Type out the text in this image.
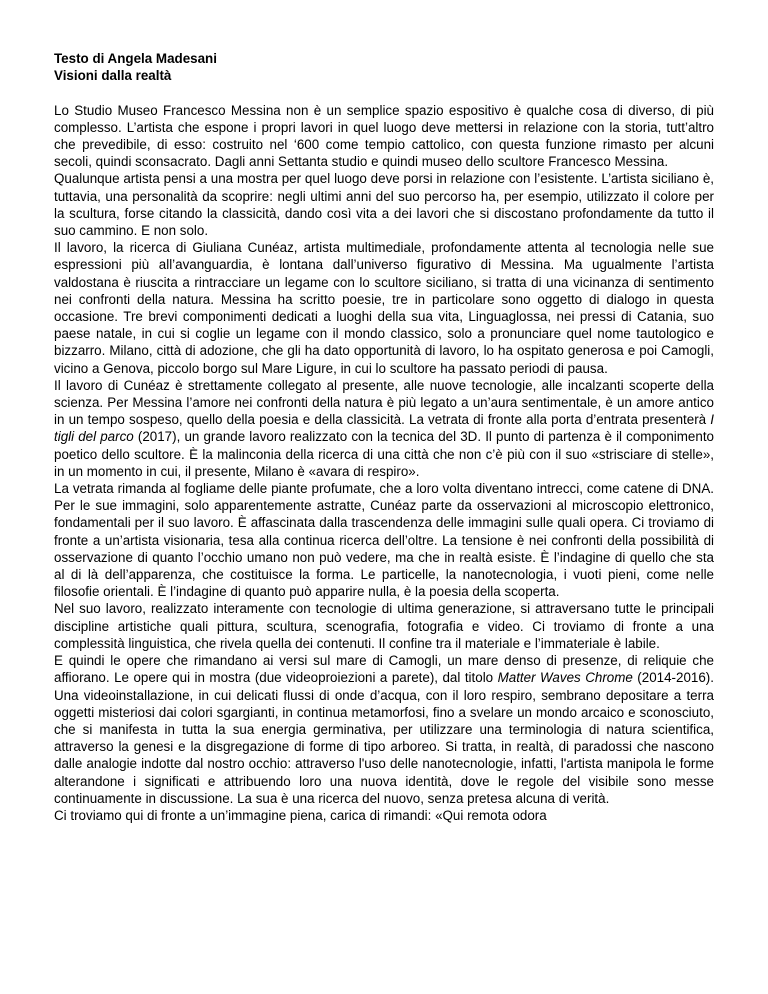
Testo di Angela Madesani

Visioni dalla realtà

Lo Studio Museo Francesco Messina non è un semplice spazio espositivo è qualche cosa di diverso, di più complesso. L’artista che espone i propri lavori in quel luogo deve mettersi in relazione con la storia, tutt’altro che prevedibile, di esso: costruito nel ‘600 come tempio cattolico, con questa funzione rimasto per alcuni secoli, quindi sconsacrato. Dagli anni Settanta studio e quindi museo dello scultore Francesco Messina.

Qualunque artista pensi a una mostra per quel luogo deve porsi in relazione con l’esistente. L’artista siciliano è, tuttavia, una personalità da scoprire: negli ultimi anni del suo percorso ha, per esempio, utilizzato il colore per la scultura, forse citando la classicità, dando così vita a dei lavori che si discostano profondamente da tutto il suo cammino. E non solo.

Il lavoro, la ricerca di Giuliana Cunéaz, artista multimediale, profondamente attenta al tecnologia nelle sue espressioni più all’avanguardia, è lontana dall’universo figurativo di Messina. Ma ugualmente l’artista valdostana è riuscita a rintracciare un legame con lo scultore siciliano, si tratta di una vicinanza di sentimento nei confronti della natura. Messina ha scritto poesie, tre in particolare sono oggetto di dialogo in questa occasione. Tre brevi componimenti dedicati a luoghi della sua vita, Linguaglossa, nei pressi di Catania, suo paese natale, in cui si coglie un legame con il mondo classico, solo a pronunciare quel nome tautologico e bizzarro. Milano, città di adozione, che gli ha dato opportunità di lavoro, lo ha ospitato generosa e poi Camogli, vicino a Genova, piccolo borgo sul Mare Ligure, in cui lo scultore ha passato periodi di pausa.

Il lavoro di Cunéaz è strettamente collegato al presente, alle nuove tecnologie, alle incalzanti scoperte della scienza. Per Messina l’amore nei confronti della natura è più legato a un’aura sentimentale, è un amore antico in un tempo sospeso, quello della poesia e della classicità. La vetrata di fronte alla porta d’entrata presenterà I tigli del parco (2017), un grande lavoro realizzato con la tecnica del 3D. Il punto di partenza è il componimento poetico dello scultore. È la malinconia della ricerca di una città che non c’è più con il suo «strisciare di stelle», in un momento in cui, il presente, Milano è «avara di respiro».

La vetrata rimanda al fogliame delle piante profumate, che a loro volta diventano intrecci, come catene di DNA. Per le sue immagini, solo apparentemente astratte, Cunéaz parte da osservazioni al microscopio elettronico, fondamentali per il suo lavoro. È affascinata dalla trascendenza delle immagini sulle quali opera. Ci troviamo di fronte a un’artista visionaria, tesa alla continua ricerca dell’oltre. La tensione è nei confronti della possibilità di osservazione di quanto l’occhio umano non può vedere, ma che in realtà esiste. È l’indagine di quello che sta al di là dell’apparenza, che costituisce la forma. Le particelle, la nanotecnologia, i vuoti pieni, come nelle filosofie orientali. È l’indagine di quanto può apparire nulla, è la poesia della scoperta.

Nel suo lavoro, realizzato interamente con tecnologie di ultima generazione, si attraversano tutte le principali discipline artistiche quali pittura, scultura, scenografia, fotografia e video. Ci troviamo di fronte a una complessità linguistica, che rivela quella dei contenuti. Il confine tra il materiale e l’immateriale è labile.

E quindi le opere che rimandano ai versi sul mare di Camogli, un mare denso di presenze, di reliquie che affiorano. Le opere qui in mostra (due videoproiezioni a parete), dal titolo Matter Waves Chrome (2014-2016). Una videoinstallazione, in cui delicati flussi di onde d’acqua, con il loro respiro, sembrano depositare a terra oggetti misteriosi dai colori sgargianti, in continua metamorfosi, fino a svelare un mondo arcaico e sconosciuto, che si manifesta in tutta la sua energia germinativa, per utilizzare una terminologia di natura scientifica, attraverso la genesi e la disgregazione di forme di tipo arboreo. Si tratta, in realtà, di paradossi che nascono dalle analogie indotte dal nostro occhio: attraverso l'uso delle nanotecnologie, infatti, l'artista manipola le forme alterandone i significati e attribuendo loro una nuova identità, dove le regole del visibile sono messe continuamente in discussione. La sua è una ricerca del nuovo, senza pretesa alcuna di verità.

Ci troviamo qui di fronte a un’immagine piena, carica di rimandi: «Qui remota odora
